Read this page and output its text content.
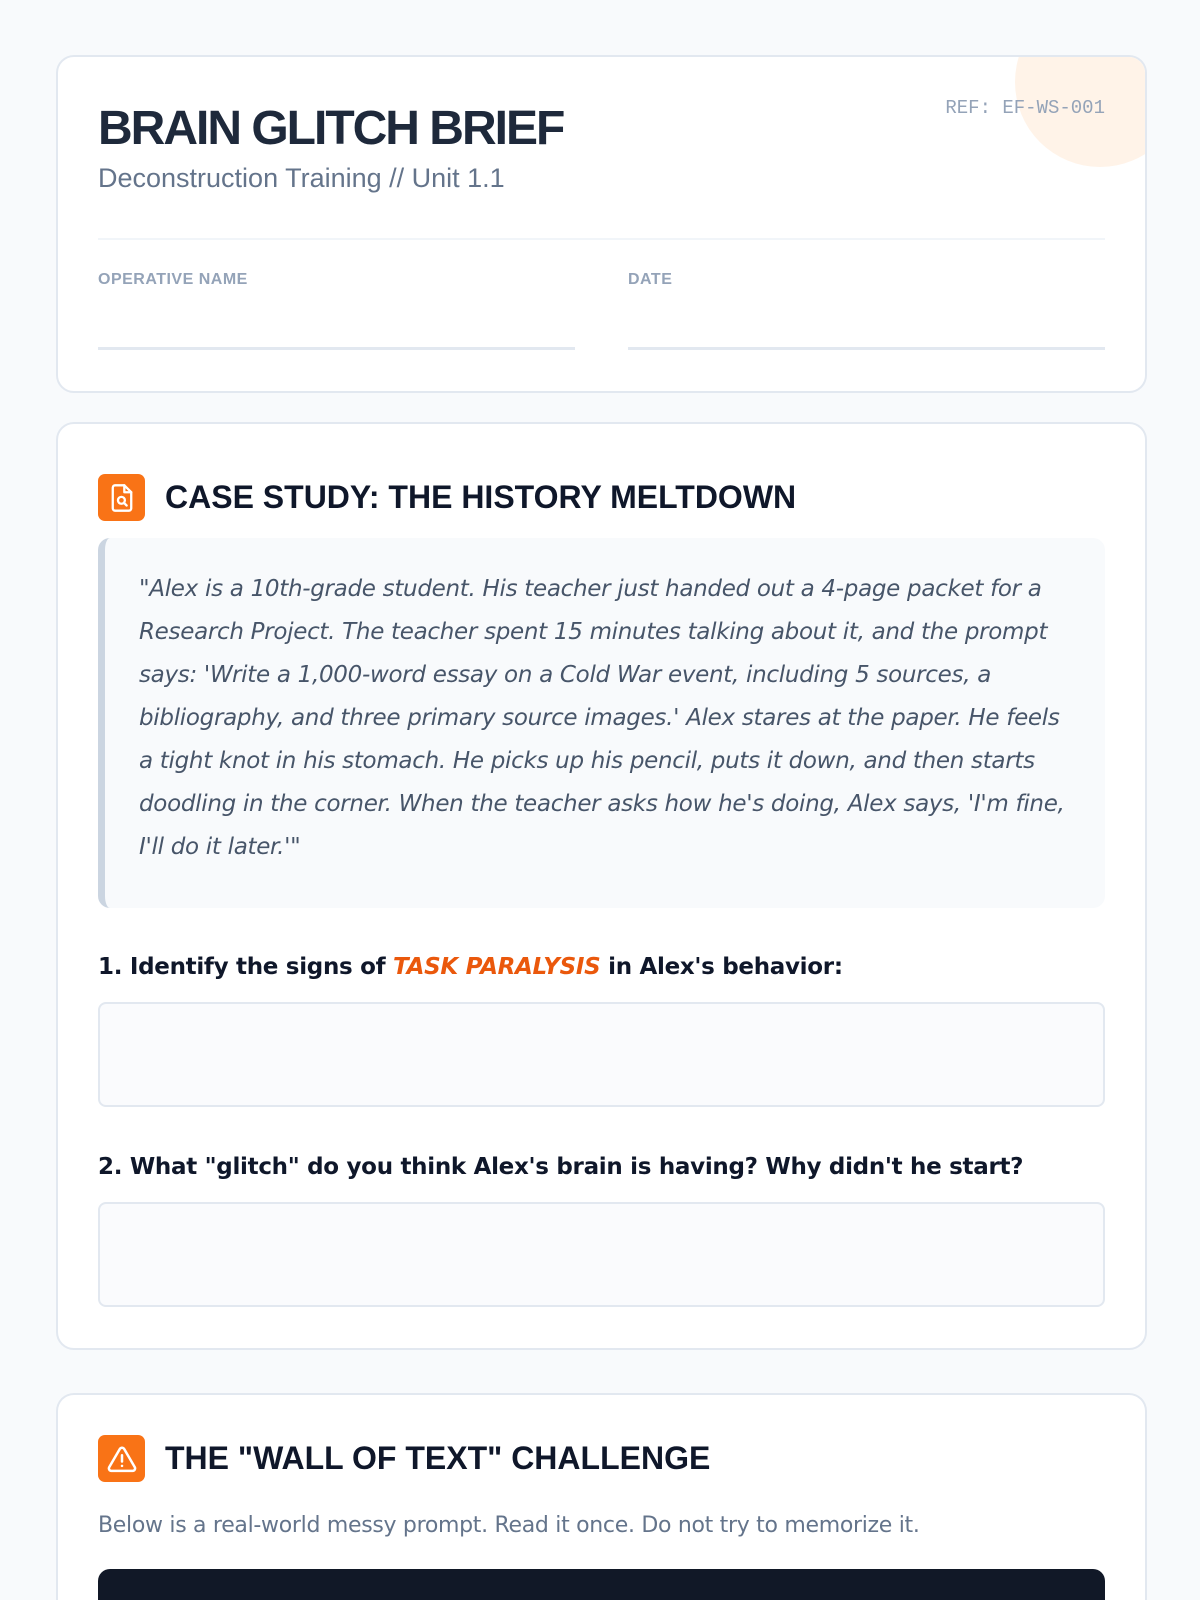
REF: EF-WS-001
BRAIN GLITCH BRIEF
Deconstruction Training // Unit 1.1
OPERATIVE NAME	DATE
CASE STUDY: THE HISTORY MELTDOWN
"Alex is a 10th-grade student. His teacher just handed out a 4-page packet for a Research Project. The teacher spent 15 minutes talking about it, and the prompt says: 'Write a 1,000-word essay on a Cold War event, including 5 sources, a bibliography, and three primary source images.' Alex stares at the paper. He feels a tight knot in his stomach. He picks up his pencil, puts it down, and then starts doodling in the corner. When the teacher asks how he's doing, Alex says, 'I'm fine, I'll do it later.'"
1. Identify the signs of TASK PARALYSIS in Alex's behavior:
2. What "glitch" do you think Alex's brain is having? Why didn't he start?
THE "WALL OF TEXT" CHALLENGE
Below is a real-world messy prompt. Read it once. Do not try to memorize it.
